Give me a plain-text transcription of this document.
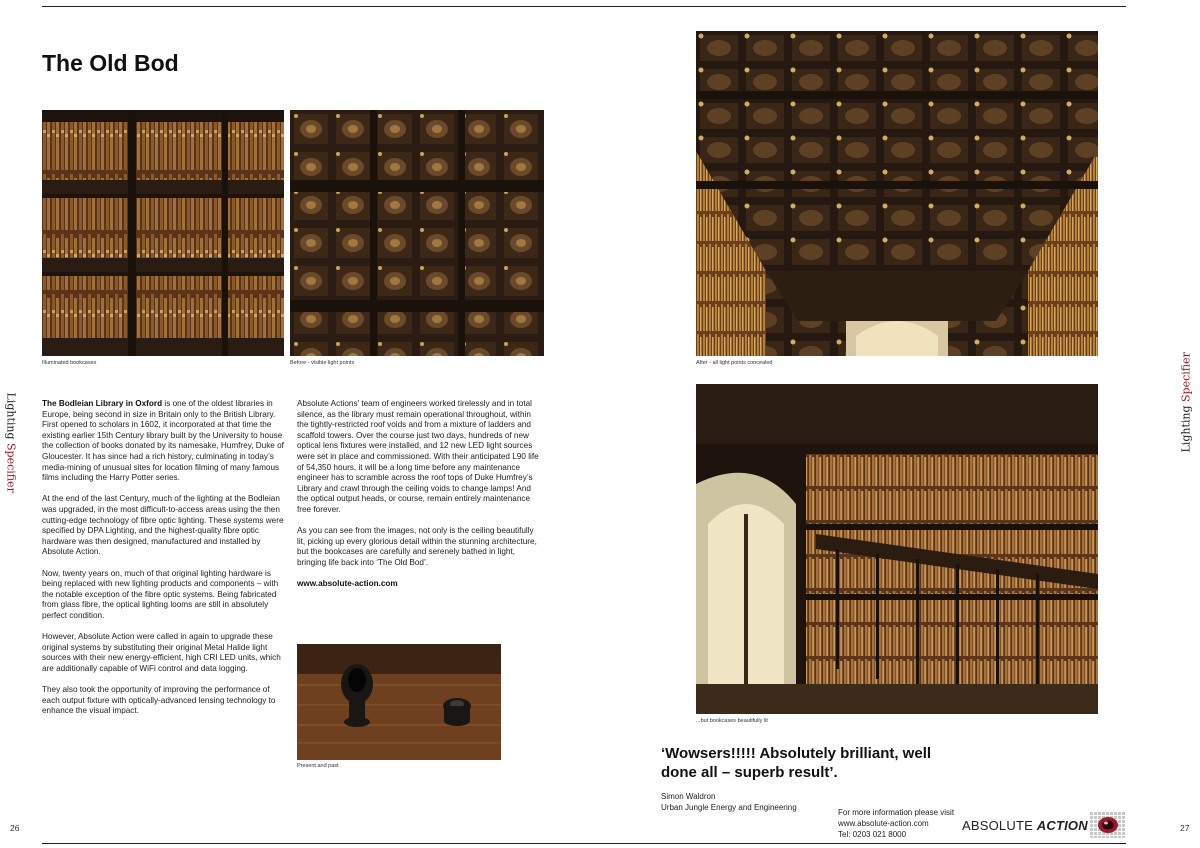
The Old Bod
Lighting Specifier
Lighting Specifier
26	27
Illuminated bookcases	Before - visible light points	After - all light points concealed
...but bookcases beautifully lit
Present and past

The Bodleian Library in Oxford is one of the oldest libraries in Europe, being second in size in Britain only to the British Library. First opened to scholars in 1602, it incorporated at that time the existing earlier 15th Century library built by the University to house the collection of books donated by its namesake, Humfrey, Duke of Gloucester. It has since had a rich history, culminating in today’s media-mining of unusual sites for location filming of many famous films including the Harry Potter series.

At the end of the last Century, much of the lighting at the Bodleian was upgraded, in the most difficult-to-access areas using the then cutting-edge technology of fibre optic lighting. These systems were specified by DPA Lighting, and the highest-quality fibre optic hardware was then designed, manufactured and installed by Absolute Action.

Now, twenty years on, much of that original lighting hardware is being replaced with new lighting products and components – with the notable exception of the fibre optic systems. Being fabricated from glass fibre, the optical lighting looms are still in absolutely perfect condition.

However, Absolute Action were called in again to upgrade these original systems by substituting their original Metal Halide light sources with their new energy-efficient, high CRI LED units, which are additionally capable of WiFi control and data logging.

They also took the opportunity of improving the performance of each output fixture with optically-advanced lensing technology to enhance the visual impact.

Absolute Actions’ team of engineers worked tirelessly and in total silence, as the library must remain operational throughout, within the tightly-restricted roof voids and from a mixture of ladders and scaffold towers. Over the course just two days, hundreds of new optical lens fixtures were installed, and 12 new LED light sources were set in place and commissioned. With their anticipated L90 life of 54,350 hours, it will be a long time before any maintenance engineer has to scramble across the roof tops of Duke Humfrey’s Library and crawl through the ceiling voids to change lamps! And the optical output heads, or course, remain entirely maintenance free forever.

As you can see from the images, not only is the ceiling beautifully lit, picking up every glorious detail within the stunning architecture, but the bookcases are carefully and serenely bathed in light, bringing life back into ‘The Old Bod’.

www.absolute-action.com

‘Wowsers!!!!! Absolutely brilliant, well done all – superb result’.
Simon Waldron
Urban Jungle Energy and Engineering
For more information please visit
www.absolute-action.com
Tel: 0203 021 8000
ABSOLUTE ACTION
